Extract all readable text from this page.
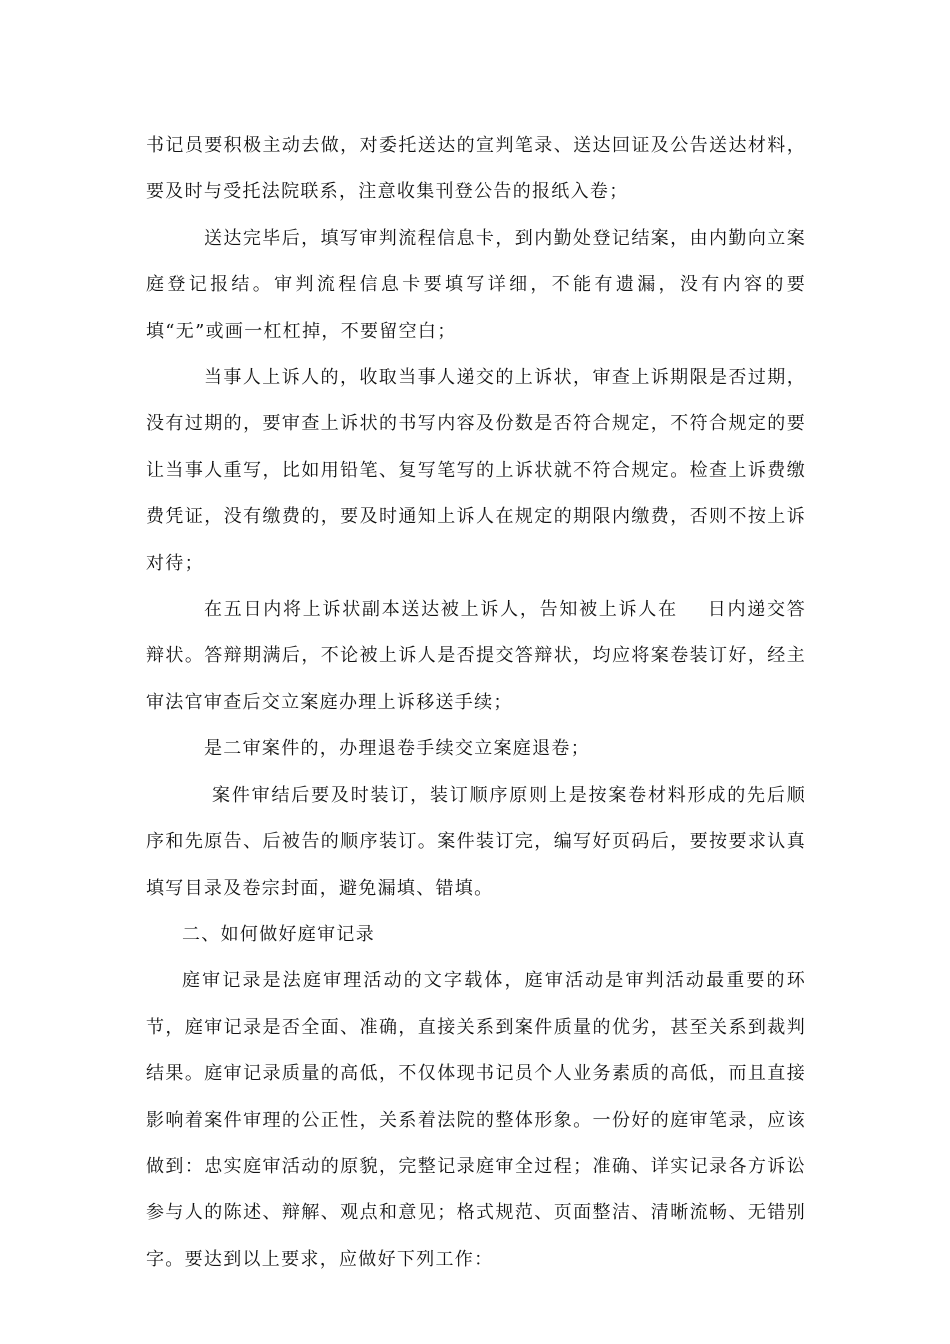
书记员要积极主动去做，对委托送达的宣判笔录、送达回证及公告送达材料，要及时与受托法院联系，注意收集刊登公告的报纸入卷；

送达完毕后，填写审判流程信息卡，到内勤处登记结案，由内勤向立案庭登记报结。审判流程信息卡要填写详细，不能有遗漏，没有内容的要填“无”或画一杠杠掉，不要留空白；

当事人上诉人的，收取当事人递交的上诉状，审查上诉期限是否过期，没有过期的，要审查上诉状的书写内容及份数是否符合规定，不符合规定的要让当事人重写，比如用铅笔、复写笔写的上诉状就不符合规定。检查上诉费缴费凭证，没有缴费的，要及时通知上诉人在规定的期限内缴费，否则不按上诉对待；

在五日内将上诉状副本送达被上诉人，告知被上诉人在 日内递交答辩状。答辩期满后，不论被上诉人是否提交答辩状，均应将案卷装订好，经主审法官审查后交立案庭办理上诉移送手续；

是二审案件的，办理退卷手续交立案庭退卷；

案件审结后要及时装订，装订顺序原则上是按案卷材料形成的先后顺序和先原告、后被告的顺序装订。案件装订完，编写好页码后，要按要求认真填写目录及卷宗封面，避免漏填、错填。

二、如何做好庭审记录

庭审记录是法庭审理活动的文字载体，庭审活动是审判活动最重要的环节，庭审记录是否全面、准确，直接关系到案件质量的优劣，甚至关系到裁判结果。庭审记录质量的高低，不仅体现书记员个人业务素质的高低，而且直接影响着案件审理的公正性，关系着法院的整体形象。一份好的庭审笔录，应该做到：忠实庭审活动的原貌，完整记录庭审全过程；准确、详实记录各方诉讼参与人的陈述、辩解、观点和意见；格式规范、页面整洁、清晰流畅、无错别字。要达到以上要求，应做好下列工作：
